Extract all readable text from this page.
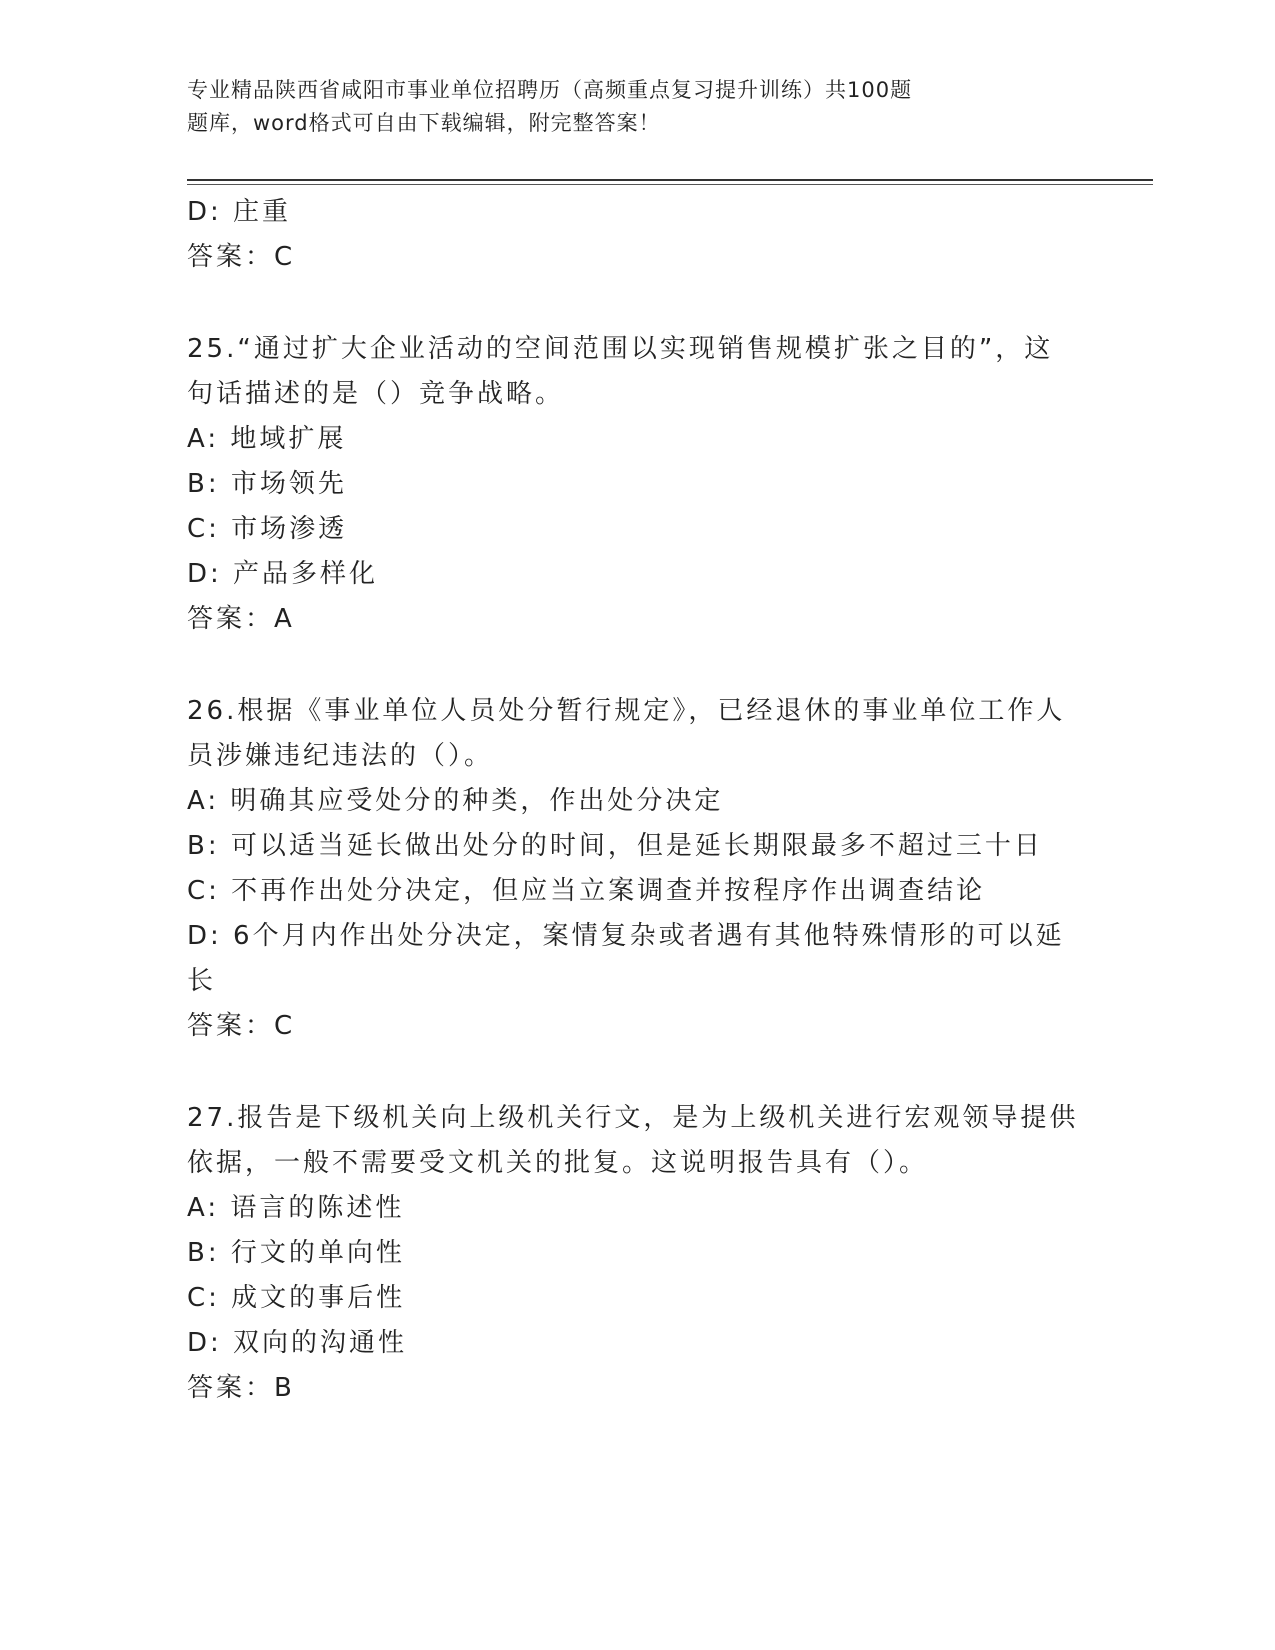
专业精品陕西省咸阳市事业单位招聘历（高频重点复习提升训练）共100题
题库，word格式可自由下载编辑，附完整答案！
D: 庄重
答案：C
25.“通过扩大企业活动的空间范围以实现销售规模扩张之目的”，这
句话描述的是（）竞争战略。
A: 地域扩展
B: 市场领先
C: 市场渗透
D: 产品多样化
答案：A
26.根据《事业单位人员处分暂行规定》，已经退休的事业单位工作人
员涉嫌违纪违法的（）。
A: 明确其应受处分的种类，作出处分决定
B: 可以适当延长做出处分的时间，但是延长期限最多不超过三十日
C: 不再作出处分决定，但应当立案调查并按程序作出调查结论
D: 6个月内作出处分决定，案情复杂或者遇有其他特殊情形的可以延
长
答案：C
27.报告是下级机关向上级机关行文，是为上级机关进行宏观领导提供
依据，一般不需要受文机关的批复。这说明报告具有（）。
A: 语言的陈述性
B: 行文的单向性
C: 成文的事后性
D: 双向的沟通性
答案：B
